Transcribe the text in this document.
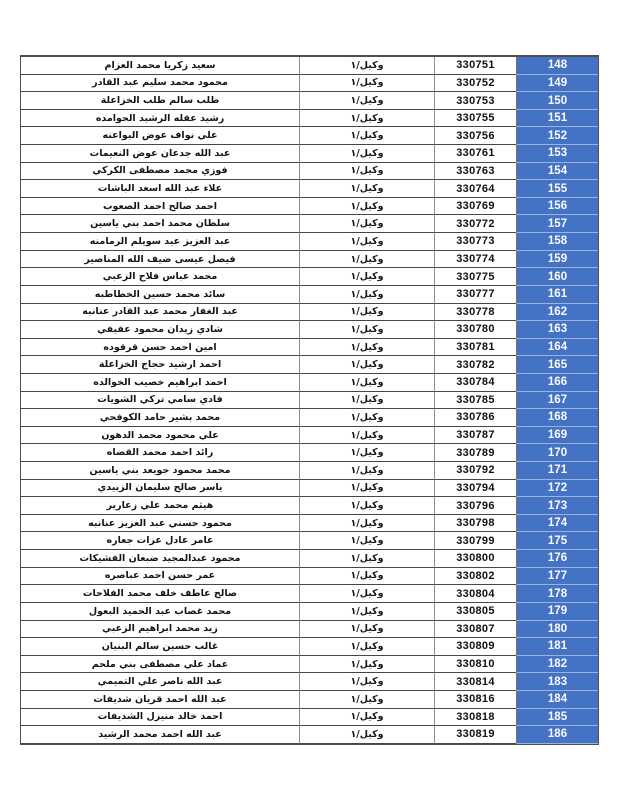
148
330751
وكيل/١
سعيد زكريا محمد العزام
149
330752
وكيل/١
محمود محمد سليم عبد القادر
150
330753
وكيل/١
طلب سالم طلب الخزاعلة
151
330755
وكيل/١
رشيد عقله الرشيد الحوامده
152
330756
وكيل/١
علي نواف عوض البواعنه
153
330761
وكيل/١
عبد الله جدعان عوض النعيمات
154
330763
وكيل/١
فوزي محمد مصطفى الكركي
155
330764
وكيل/١
علاء عبد الله اسعد الباشات
156
330769
وكيل/١
احمد صالح احمد الصعوب
157
330772
وكيل/١
سلطان محمد احمد بني ياسين
158
330773
وكيل/١
عبد العزيز عيد سويلم الرمامنه
159
330774
وكيل/١
فيصل عيسى ضيف الله المناصير
160
330775
وكيل/١
محمد عباس فلاح الزعبي
161
330777
وكيل/١
سائد محمد حسين الخطاطبه
162
330778
وكيل/١
عبد الغفار محمد عبد القادر عنانبه
163
330780
وكيل/١
شادي زيدان محمود عفيفي
164
330781
وكيل/١
امين احمد حسن قرقوده
165
330782
وكيل/١
احمد ارشيد حجاج الخزاعلة
166
330784
وكيل/١
احمد ابراهيم خصيب الخوالده
167
330785
وكيل/١
فادي سامي تركي الشويات
168
330786
وكيل/١
محمد بشير حامد الكوفحي
169
330787
وكيل/١
علي محمود محمد الدهون
170
330789
وكيل/١
رائد احمد محمد القضاه
171
330792
وكيل/١
محمد محمود جويعد بني ياسين
172
330794
وكيل/١
ياسر صالح سليمان الزبيدي
173
330796
وكيل/١
هيثم محمد علي زعارير
174
330798
وكيل/١
محمود حسني عبد العزيز عنانبه
175
330799
وكيل/١
عامر عادل عزات جعاره
176
330800
وكيل/١
محمود عبدالمجيد ضبعان الفشيكات
177
330802
وكيل/١
عمر حسن احمد عباصره
178
330804
وكيل/١
صالح عاطف خلف محمد الفلاحات
179
330805
وكيل/١
محمد غصاب عبد الحميد البعول
180
330807
وكيل/١
زيد محمد ابراهيم الزعبي
181
330809
وكيل/١
غالب حسين سالم البنيان
182
330810
وكيل/١
عماد علي مصطفى بني ملحم
183
330814
وكيل/١
عبد الله ناصر علي التميمي
184
330816
وكيل/١
عبد الله احمد قريان شديفات
185
330818
وكيل/١
احمد خالد منيزل الشديفات
186
330819
وكيل/١
عبد الله احمد محمد الرشيد
